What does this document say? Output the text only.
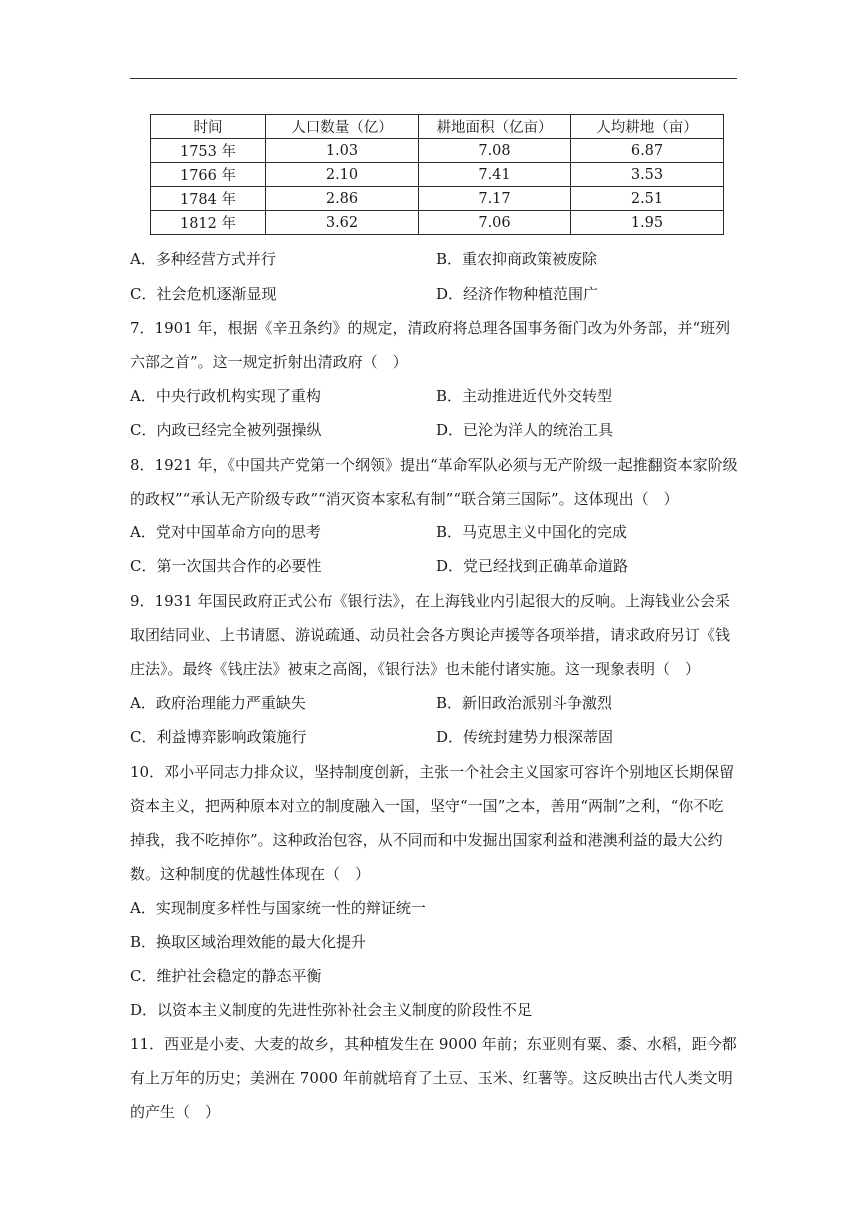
时间	人口数量（亿）	耕地面积（亿亩）	人均耕地（亩）
1753 年	1.03	7.08	6.87
1766 年	2.10	7.41	3.53
1784 年	2.86	7.17	2.51
1812 年	3.62	7.06	1.95
A．多种经营方式并行	B．重农抑商政策被废除
C．社会危机逐渐显现	D．经济作物种植范围广
7．1901 年，根据《辛丑条约》的规定，清政府将总理各国事务衙门改为外务部，并“班列
六部之首”。这一规定折射出清政府（　）
A．中央行政机构实现了重构	B．主动推进近代外交转型
C．内政已经完全被列强操纵	D．已沦为洋人的统治工具
8．1921 年，《中国共产党第一个纲领》提出“革命军队必须与无产阶级一起推翻资本家阶级
的政权”“承认无产阶级专政”“消灭资本家私有制”“联合第三国际”。这体现出（　）
A．党对中国革命方向的思考	B．马克思主义中国化的完成
C．第一次国共合作的必要性	D．党已经找到正确革命道路
9．1931 年国民政府正式公布《银行法》，在上海钱业内引起很大的反响。上海钱业公会采
取团结同业、上书请愿、游说疏通、动员社会各方舆论声援等各项举措，请求政府另订《钱
庄法》。最终《钱庄法》被束之高阁，《银行法》也未能付诸实施。这一现象表明（　）
A．政府治理能力严重缺失	B．新旧政治派别斗争激烈
C．利益博弈影响政策施行	D．传统封建势力根深蒂固
10．邓小平同志力排众议，坚持制度创新，主张一个社会主义国家可容许个别地区长期保留
资本主义，把两种原本对立的制度融入一国，坚守“一国”之本，善用“两制”之利，“你不吃
掉我，我不吃掉你”。这种政治包容，从不同而和中发掘出国家利益和港澳利益的最大公约
数。这种制度的优越性体现在（　）
A．实现制度多样性与国家统一性的辩证统一
B．换取区域治理效能的最大化提升
C．维护社会稳定的静态平衡
D．以资本主义制度的先进性弥补社会主义制度的阶段性不足
11．西亚是小麦、大麦的故乡，其种植发生在 9000 年前；东亚则有粟、黍、水稻，距今都
有上万年的历史；美洲在 7000 年前就培育了土豆、玉米、红薯等。这反映出古代人类文明
的产生（　）
